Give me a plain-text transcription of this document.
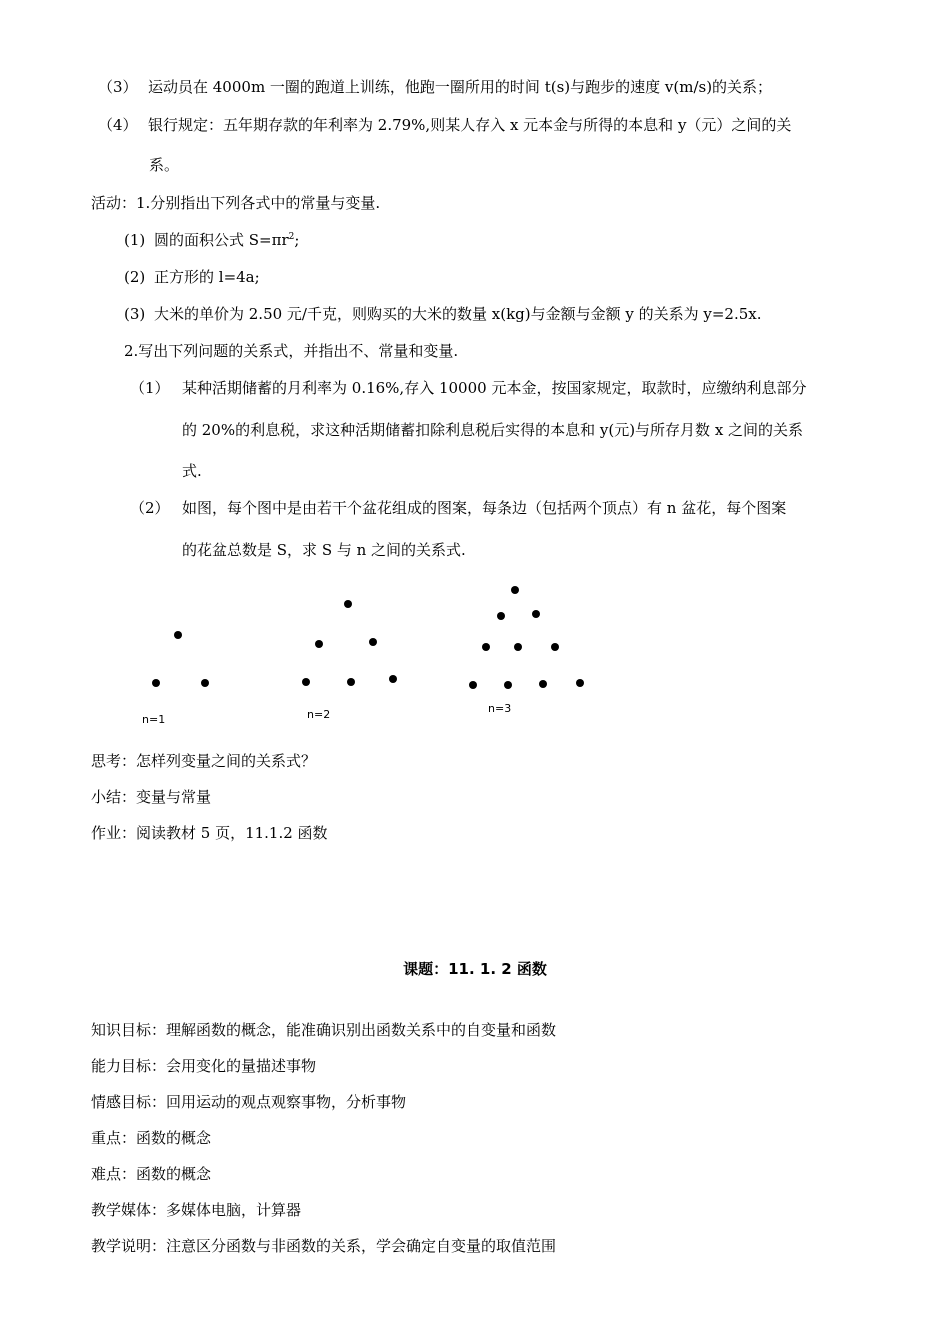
（3） 运动员在 4000m 一圈的跑道上训练，他跑一圈所用的时间 t(s)与跑步的速度 v(m/s)的关系；
（4） 银行规定：五年期存款的年利率为 2.79%,则某人存入 x 元本金与所得的本息和 y（元）之间的关
系。
活动：1.分别指出下列各式中的常量与变量.
(1) 圆的面积公式 $S=\pi r^2$;
(2) 正方形的 l=4a;
(3) 大米的单价为 2.50 元/千克，则购买的大米的数量 x(kg)与金额与金额 y 的关系为 y=2.5x.
2.写出下列问题的关系式，并指出不、常量和变量.
（1） 某种活期储蓄的月利率为 0.16%,存入 10000 元本金，按国家规定，取款时，应缴纳利息部分
的 20%的利息税，求这种活期储蓄扣除利息税后实得的本息和 y(元)与所存月数 x 之间的关系
式.
（2） 如图，每个图中是由若干个盆花组成的图案，每条边（包括两个顶点）有 n 盆花，每个图案
的花盆总数是 S，求 S 与 n 之间的关系式.
n=1	n=2	n=3
思考：怎样列变量之间的关系式？
小结：变量与常量
作业：阅读教材 5 页，11.1.2 函数
课题：11. 1. 2 函数
知识目标：理解函数的概念，能准确识别出函数关系中的自变量和函数
能力目标：会用变化的量描述事物
情感目标：回用运动的观点观察事物，分析事物
重点：函数的概念
难点：函数的概念
教学媒体：多媒体电脑，计算器
教学说明：注意区分函数与非函数的关系，学会确定自变量的取值范围
